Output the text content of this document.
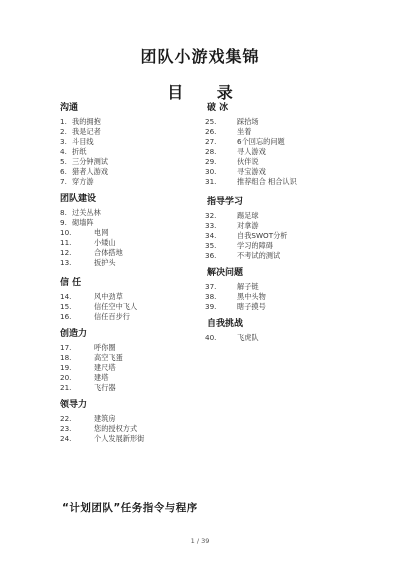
团队小游戏集锦
目 录
沟通
1. 我的拥抱
2. 我是记者
3. 斗目线
4. 折纸
5. 三分钟测试
6. 猎者人游戏
7. 穿方游
团队建设
8. 过关丛林
9. 砌墙阵
10.	电网
11.	小矮山
12.	合体搭地
13.	扳护头
信 任
14.	风中劲草
15.	信任空中飞人
16.	信任百步行
创造力
17.	呼你圈
18.	高空飞蛋
19.	建尺塔
20.	建塔
21.	飞行器
领导力
22.	建筑房
23.	您的授权方式
24.	个人发展新形街
破 冰
25.	踩拾场
26.	坐着
27.	6个回忘的问题
28.	寻人游戏
29.	伙伴说
30.	寻宝游戏
31.	推荐组合 相合认识
指导学习
32.	踢足球
33.	对拿游
34.	自我SWOT分析
35.	学习的障碍
36.	不考试的测试
解决问题
37.	解子链
38.	黑中头物
39.	瞎子摸号
自我挑战
40.	飞虎队
“计划团队”任务指令与程序
1 / 39
